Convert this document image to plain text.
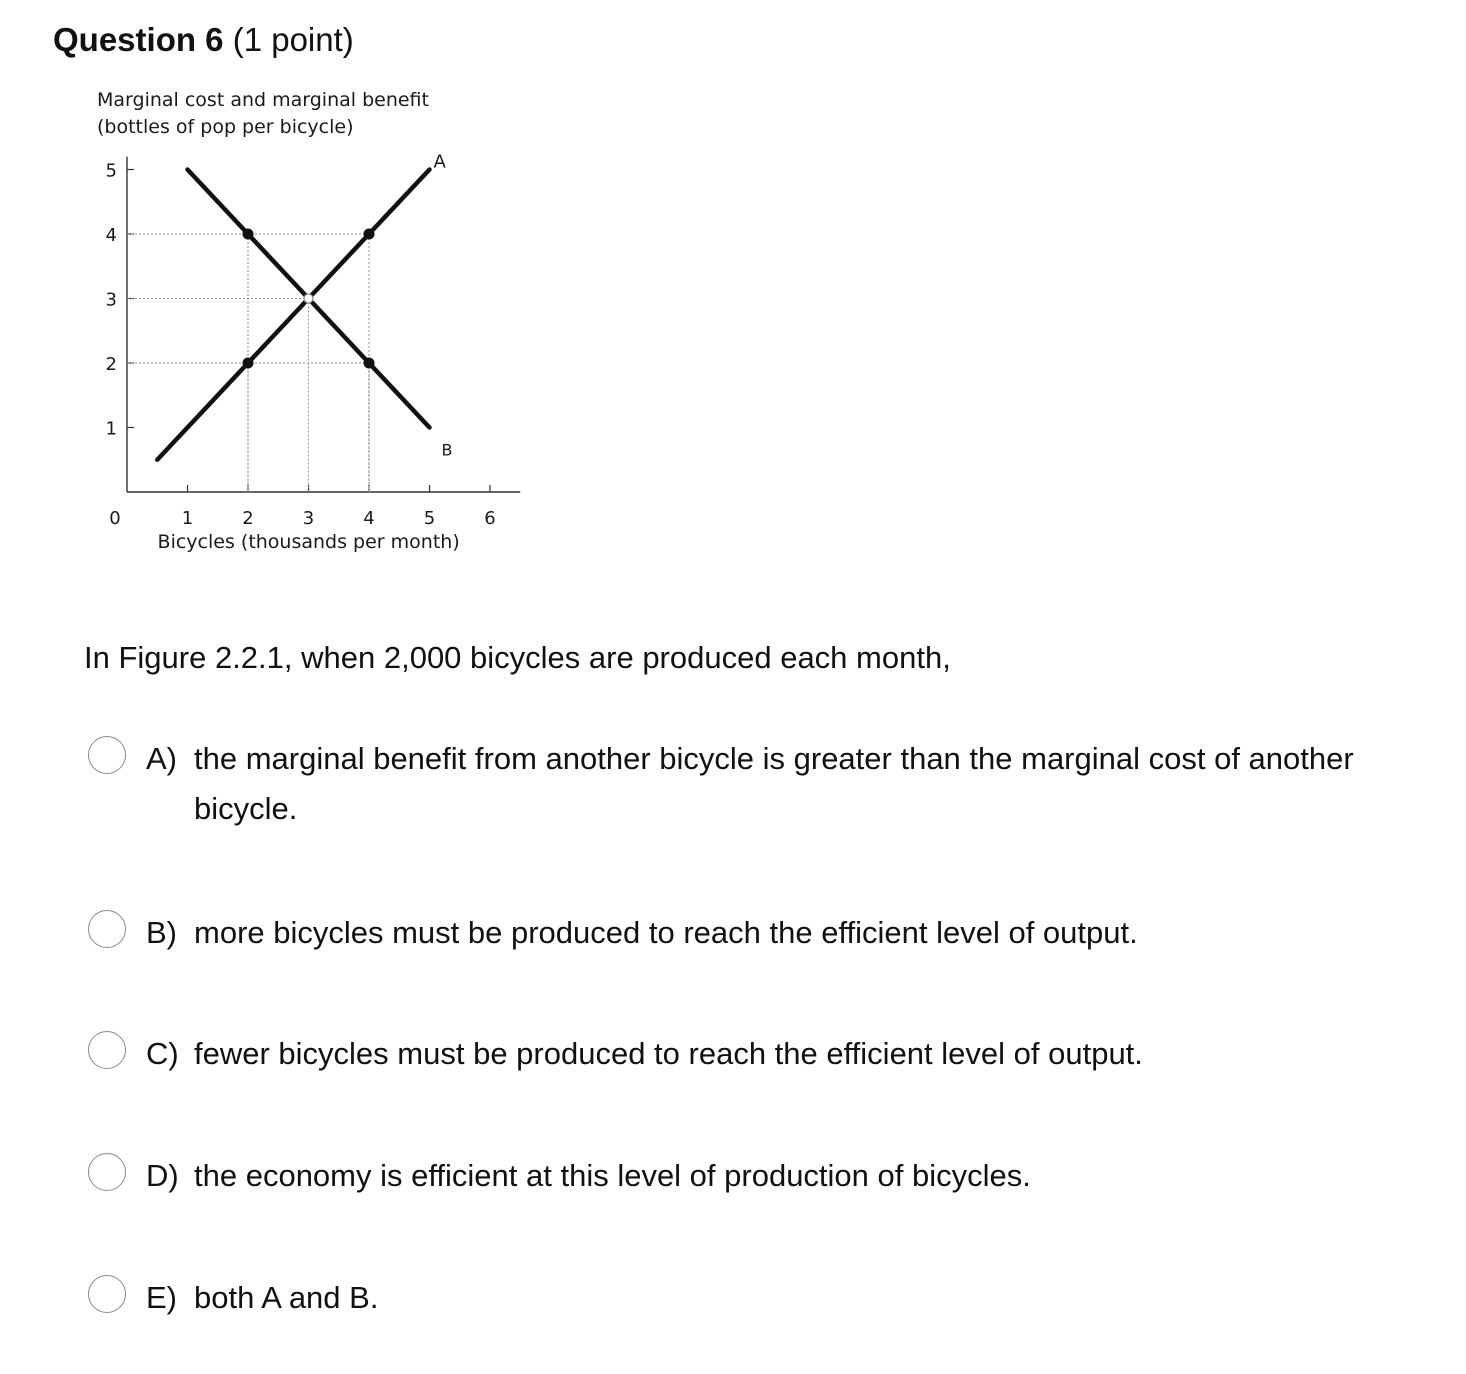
Question 6 (1 point)
Marginal cost and marginal benefit
(bottles of pop per bicycle)
1
2
3
4
5
0	1	2	3	4	5	6
Bicycles (thousands per month)
A
B
In Figure 2.2.1, when 2,000 bicycles are produced each month,
A) the marginal benefit from another bicycle is greater than the marginal cost of another bicycle.
B) more bicycles must be produced to reach the efficient level of output.
C) fewer bicycles must be produced to reach the efficient level of output.
D) the economy is efficient at this level of production of bicycles.
E) both A and B.
